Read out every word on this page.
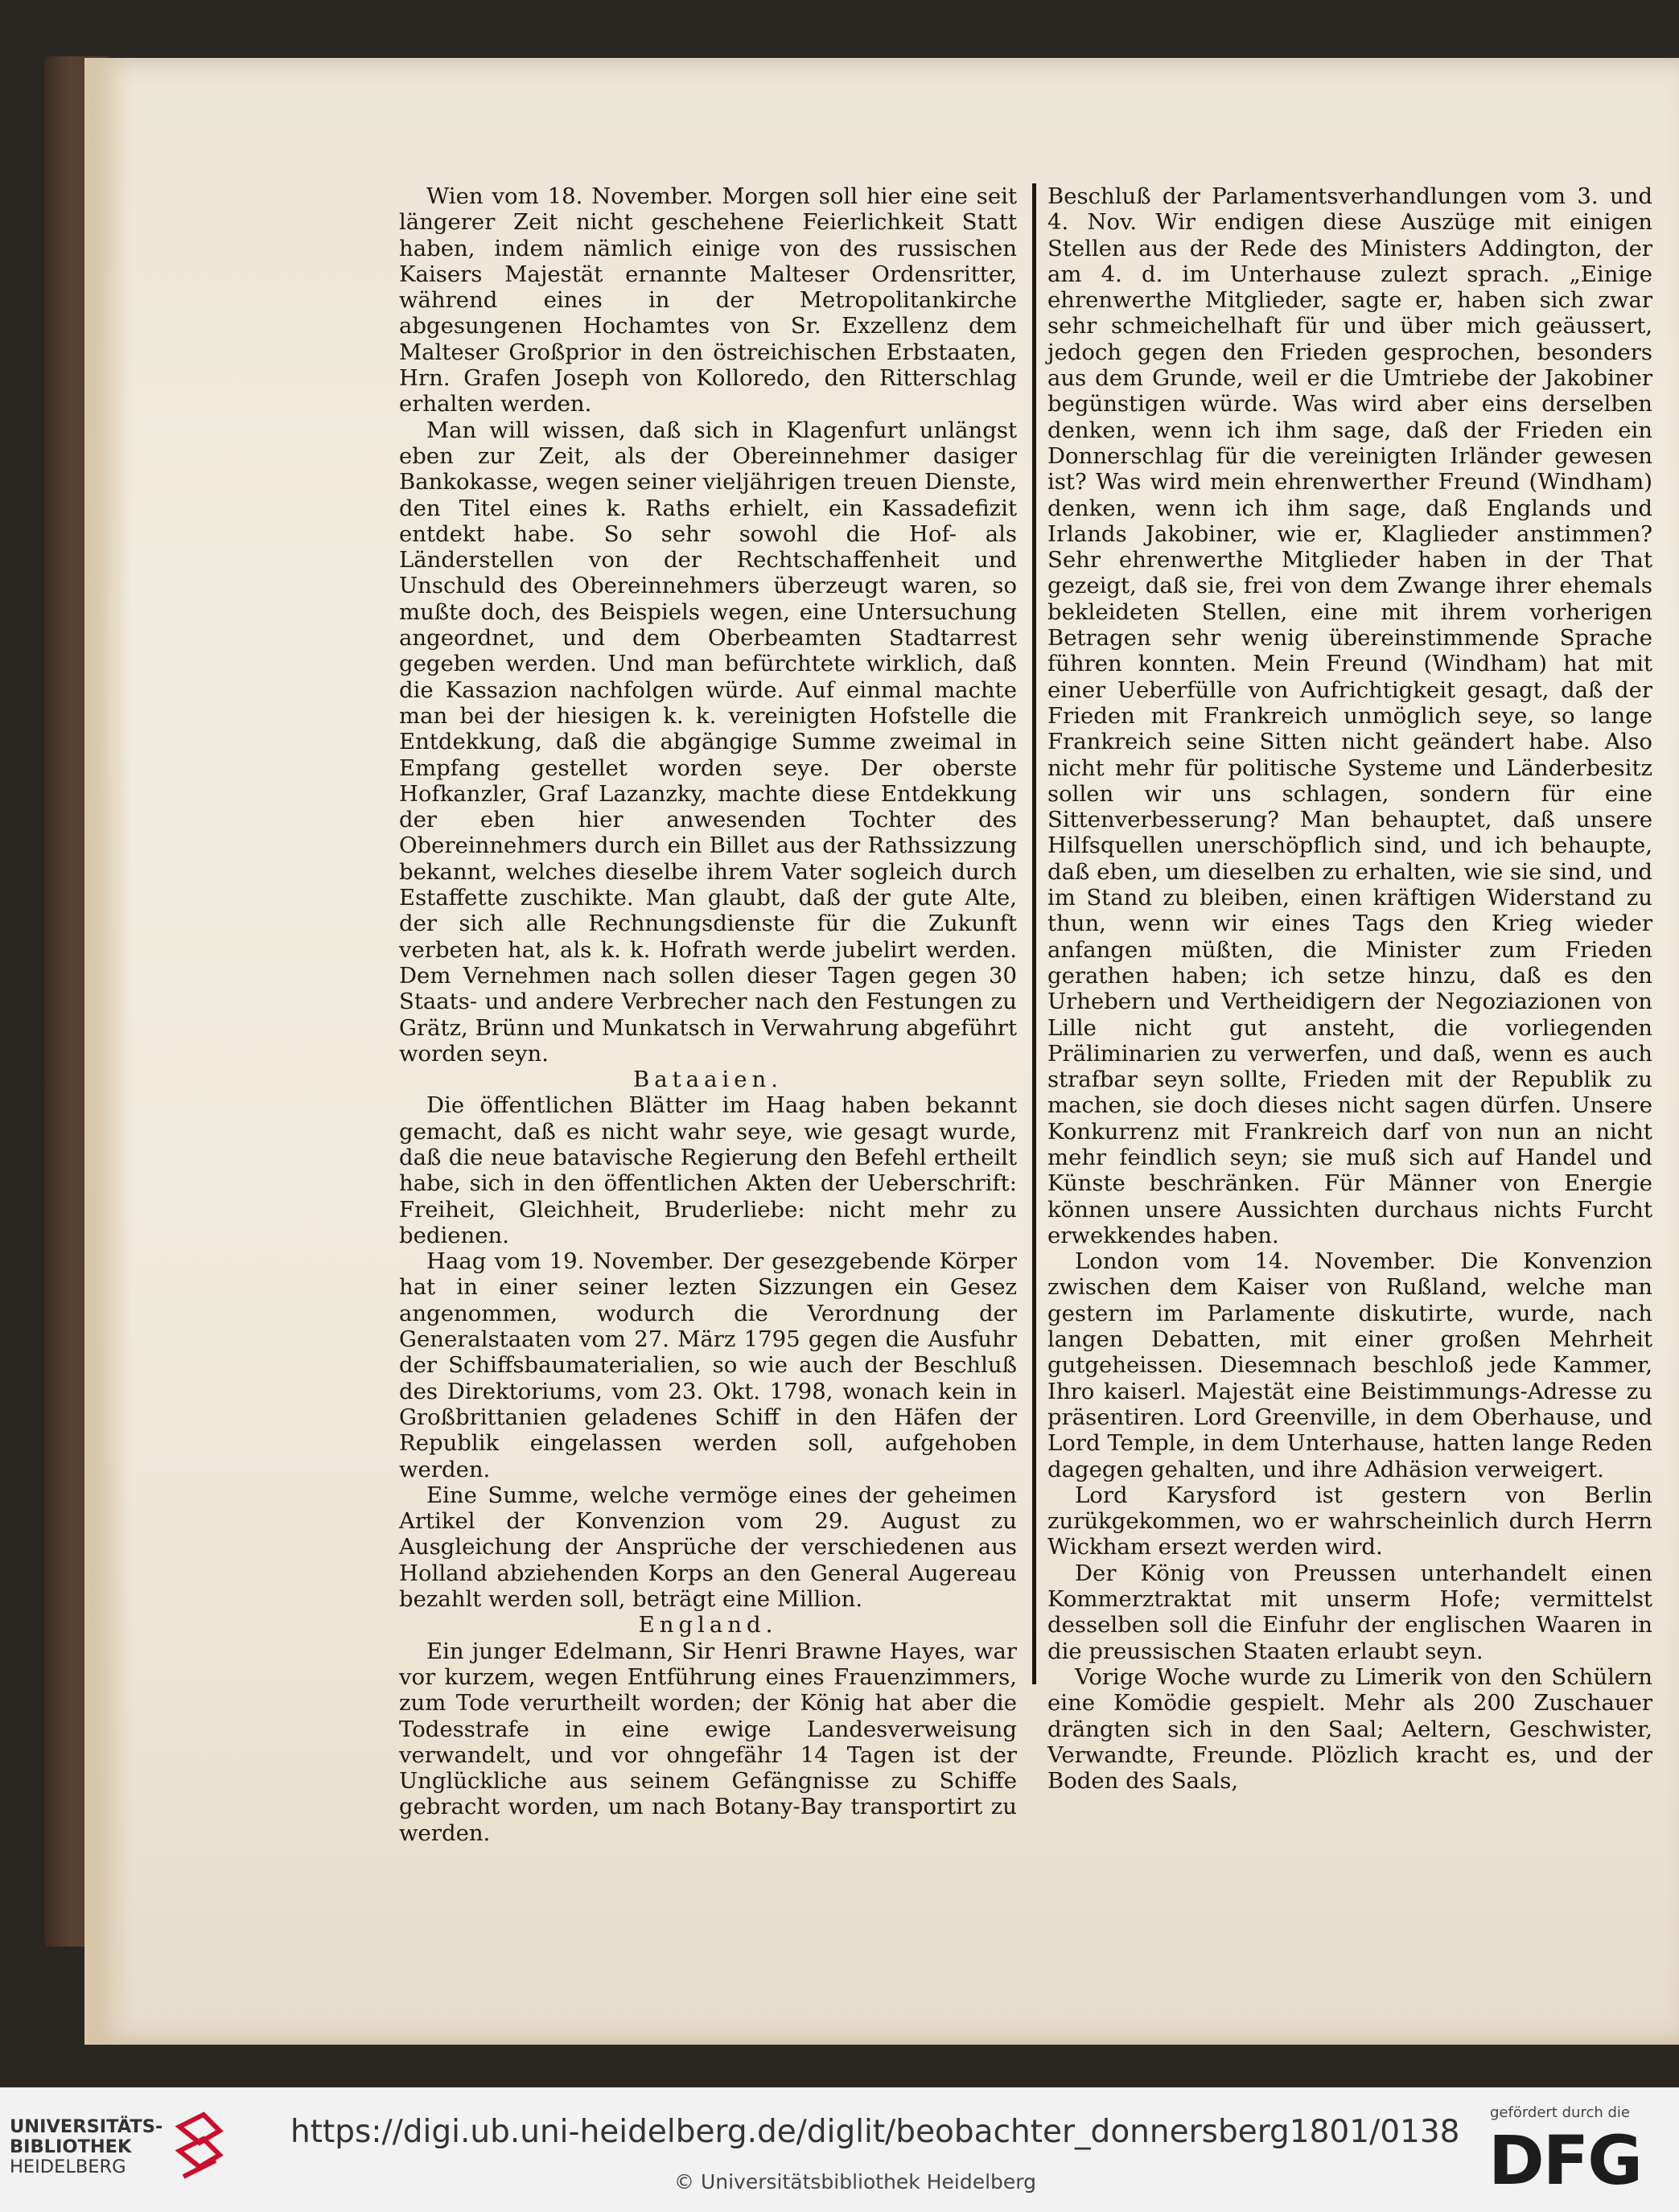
Wien vom 18. November. Morgen soll hier eine seit längerer Zeit nicht geschehene Feierlichkeit Statt haben, indem nämlich einige von des russischen Kaisers Majestät ernannte Malteser Ordensritter, während eines in der Metropolitankirche abgesungenen Hochamtes von Sr. Exzellenz dem Malteser Großprior in den östreichischen Erbstaaten, Hrn. Grafen Joseph von Kolloredo, den Ritterschlag erhalten werden.

Man will wissen, daß sich in Klagenfurt unlängst eben zur Zeit, als der Obereinnehmer dasiger Bankokasse, wegen seiner vieljährigen treuen Dienste, den Titel eines k. Raths erhielt, ein Kassadefizit entdekt habe. So sehr sowohl die Hof- als Länderstellen von der Rechtschaffenheit und Unschuld des Obereinnehmers überzeugt waren, so mußte doch, des Beispiels wegen, eine Untersuchung angeordnet, und dem Oberbeamten Stadtarrest gegeben werden. Und man befürchtete wirklich, daß die Kassazion nachfolgen würde. Auf einmal machte man bei der hiesigen k. k. vereinigten Hofstelle die Entdekkung, daß die abgängige Summe zweimal in Empfang gestellet worden seye. Der oberste Hofkanzler, Graf Lazanzky, machte diese Entdekkung der eben hier anwesenden Tochter des Obereinnehmers durch ein Billet aus der Rathssizzung bekannt, welches dieselbe ihrem Vater sogleich durch Estaffette zuschikte. Man glaubt, daß der gute Alte, der sich alle Rechnungsdienste für die Zukunft verbeten hat, als k. k. Hofrath werde jubelirt werden. Dem Vernehmen nach sollen dieser Tagen gegen 30 Staats- und andere Verbrecher nach den Festungen zu Grätz, Brünn und Munkatsch in Verwahrung abgeführt worden seyn.

Bataaien.

Die öffentlichen Blätter im Haag haben bekannt gemacht, daß es nicht wahr seye, wie gesagt wurde, daß die neue batavische Regierung den Befehl ertheilt habe, sich in den öffentlichen Akten der Ueberschrift: Freiheit, Gleichheit, Bruderliebe: nicht mehr zu bedienen.

Haag vom 19. November. Der gesezgebende Körper hat in einer seiner lezten Sizzungen ein Gesez angenommen, wodurch die Verordnung der Generalstaaten vom 27. März 1795 gegen die Ausfuhr der Schiffsbaumaterialien, so wie auch der Beschluß des Direktoriums, vom 23. Okt. 1798, wonach kein in Großbrittanien geladenes Schiff in den Häfen der Republik eingelassen werden soll, aufgehoben werden.

Eine Summe, welche vermöge eines der geheimen Artikel der Konvenzion vom 29. August zu Ausgleichung der Ansprüche der verschiedenen aus Holland abziehenden Korps an den General Augereau bezahlt werden soll, beträgt eine Million.

England.

Ein junger Edelmann, Sir Henri Brawne Hayes, war vor kurzem, wegen Entführung eines Frauenzimmers, zum Tode verurtheilt worden; der König hat aber die Todesstrafe in eine ewige Landesverweisung verwandelt, und vor ohngefähr 14 Tagen ist der Unglückliche aus seinem Gefängnisse zu Schiffe gebracht worden, um nach Botany-Bay transportirt zu werden.

Beschluß der Parlamentsverhandlungen vom 3. und 4. Nov. Wir endigen diese Auszüge mit einigen Stellen aus der Rede des Ministers Addington, der am 4. d. im Unterhause zulezt sprach. „Einige ehrenwerthe Mitglieder, sagte er, haben sich zwar sehr schmeichelhaft für und über mich geäussert, jedoch gegen den Frieden gesprochen, besonders aus dem Grunde, weil er die Umtriebe der Jakobiner begünstigen würde. Was wird aber eins derselben denken, wenn ich ihm sage, daß der Frieden ein Donnerschlag für die vereinigten Irländer gewesen ist? Was wird mein ehrenwerther Freund (Windham) denken, wenn ich ihm sage, daß Englands und Irlands Jakobiner, wie er, Klaglieder anstimmen? Sehr ehrenwerthe Mitglieder haben in der That gezeigt, daß sie, frei von dem Zwange ihrer ehemals bekleideten Stellen, eine mit ihrem vorherigen Betragen sehr wenig übereinstimmende Sprache führen konnten. Mein Freund (Windham) hat mit einer Ueberfülle von Aufrichtigkeit gesagt, daß der Frieden mit Frankreich unmöglich seye, so lange Frankreich seine Sitten nicht geändert habe. Also nicht mehr für politische Systeme und Länderbesitz sollen wir uns schlagen, sondern für eine Sittenverbesserung? Man behauptet, daß unsere Hilfsquellen unerschöpflich sind, und ich behaupte, daß eben, um dieselben zu erhalten, wie sie sind, und im Stand zu bleiben, einen kräftigen Widerstand zu thun, wenn wir eines Tags den Krieg wieder anfangen müßten, die Minister zum Frieden gerathen haben; ich setze hinzu, daß es den Urhebern und Vertheidigern der Negoziazionen von Lille nicht gut ansteht, die vorliegenden Präliminarien zu verwerfen, und daß, wenn es auch strafbar seyn sollte, Frieden mit der Republik zu machen, sie doch dieses nicht sagen dürfen. Unsere Konkurrenz mit Frankreich darf von nun an nicht mehr feindlich seyn; sie muß sich auf Handel und Künste beschränken. Für Männer von Energie können unsere Aussichten durchaus nichts Furcht erwekkendes haben.

London vom 14. November. Die Konvenzion zwischen dem Kaiser von Rußland, welche man gestern im Parlamente diskutirte, wurde, nach langen Debatten, mit einer großen Mehrheit gutgeheissen. Diesemnach beschloß jede Kammer, Ihro kaiserl. Majestät eine Beistimmungs-Adresse zu präsentiren. Lord Greenville, in dem Oberhause, und Lord Temple, in dem Unterhause, hatten lange Reden dagegen gehalten, und ihre Adhäsion verweigert.

Lord Karysford ist gestern von Berlin zurükgekommen, wo er wahrscheinlich durch Herrn Wickham ersezt werden wird.

Der König von Preussen unterhandelt einen Kommerztraktat mit unserm Hofe; vermittelst desselben soll die Einfuhr der englischen Waaren in die preussischen Staaten erlaubt seyn.

Vorige Woche wurde zu Limerik von den Schülern eine Komödie gespielt. Mehr als 200 Zuschauer drängten sich in den Saal; Aeltern, Geschwister, Verwandte, Freunde. Plözlich kracht es, und der Boden des Saals,

UNIVERSITÄTS-
BIBLIOTHEK
HEIDELBERG
https://digi.ub.uni-heidelberg.de/diglit/beobachter_donnersberg1801/0138
© Universitätsbibliothek Heidelberg
gefördert durch die
DFG
